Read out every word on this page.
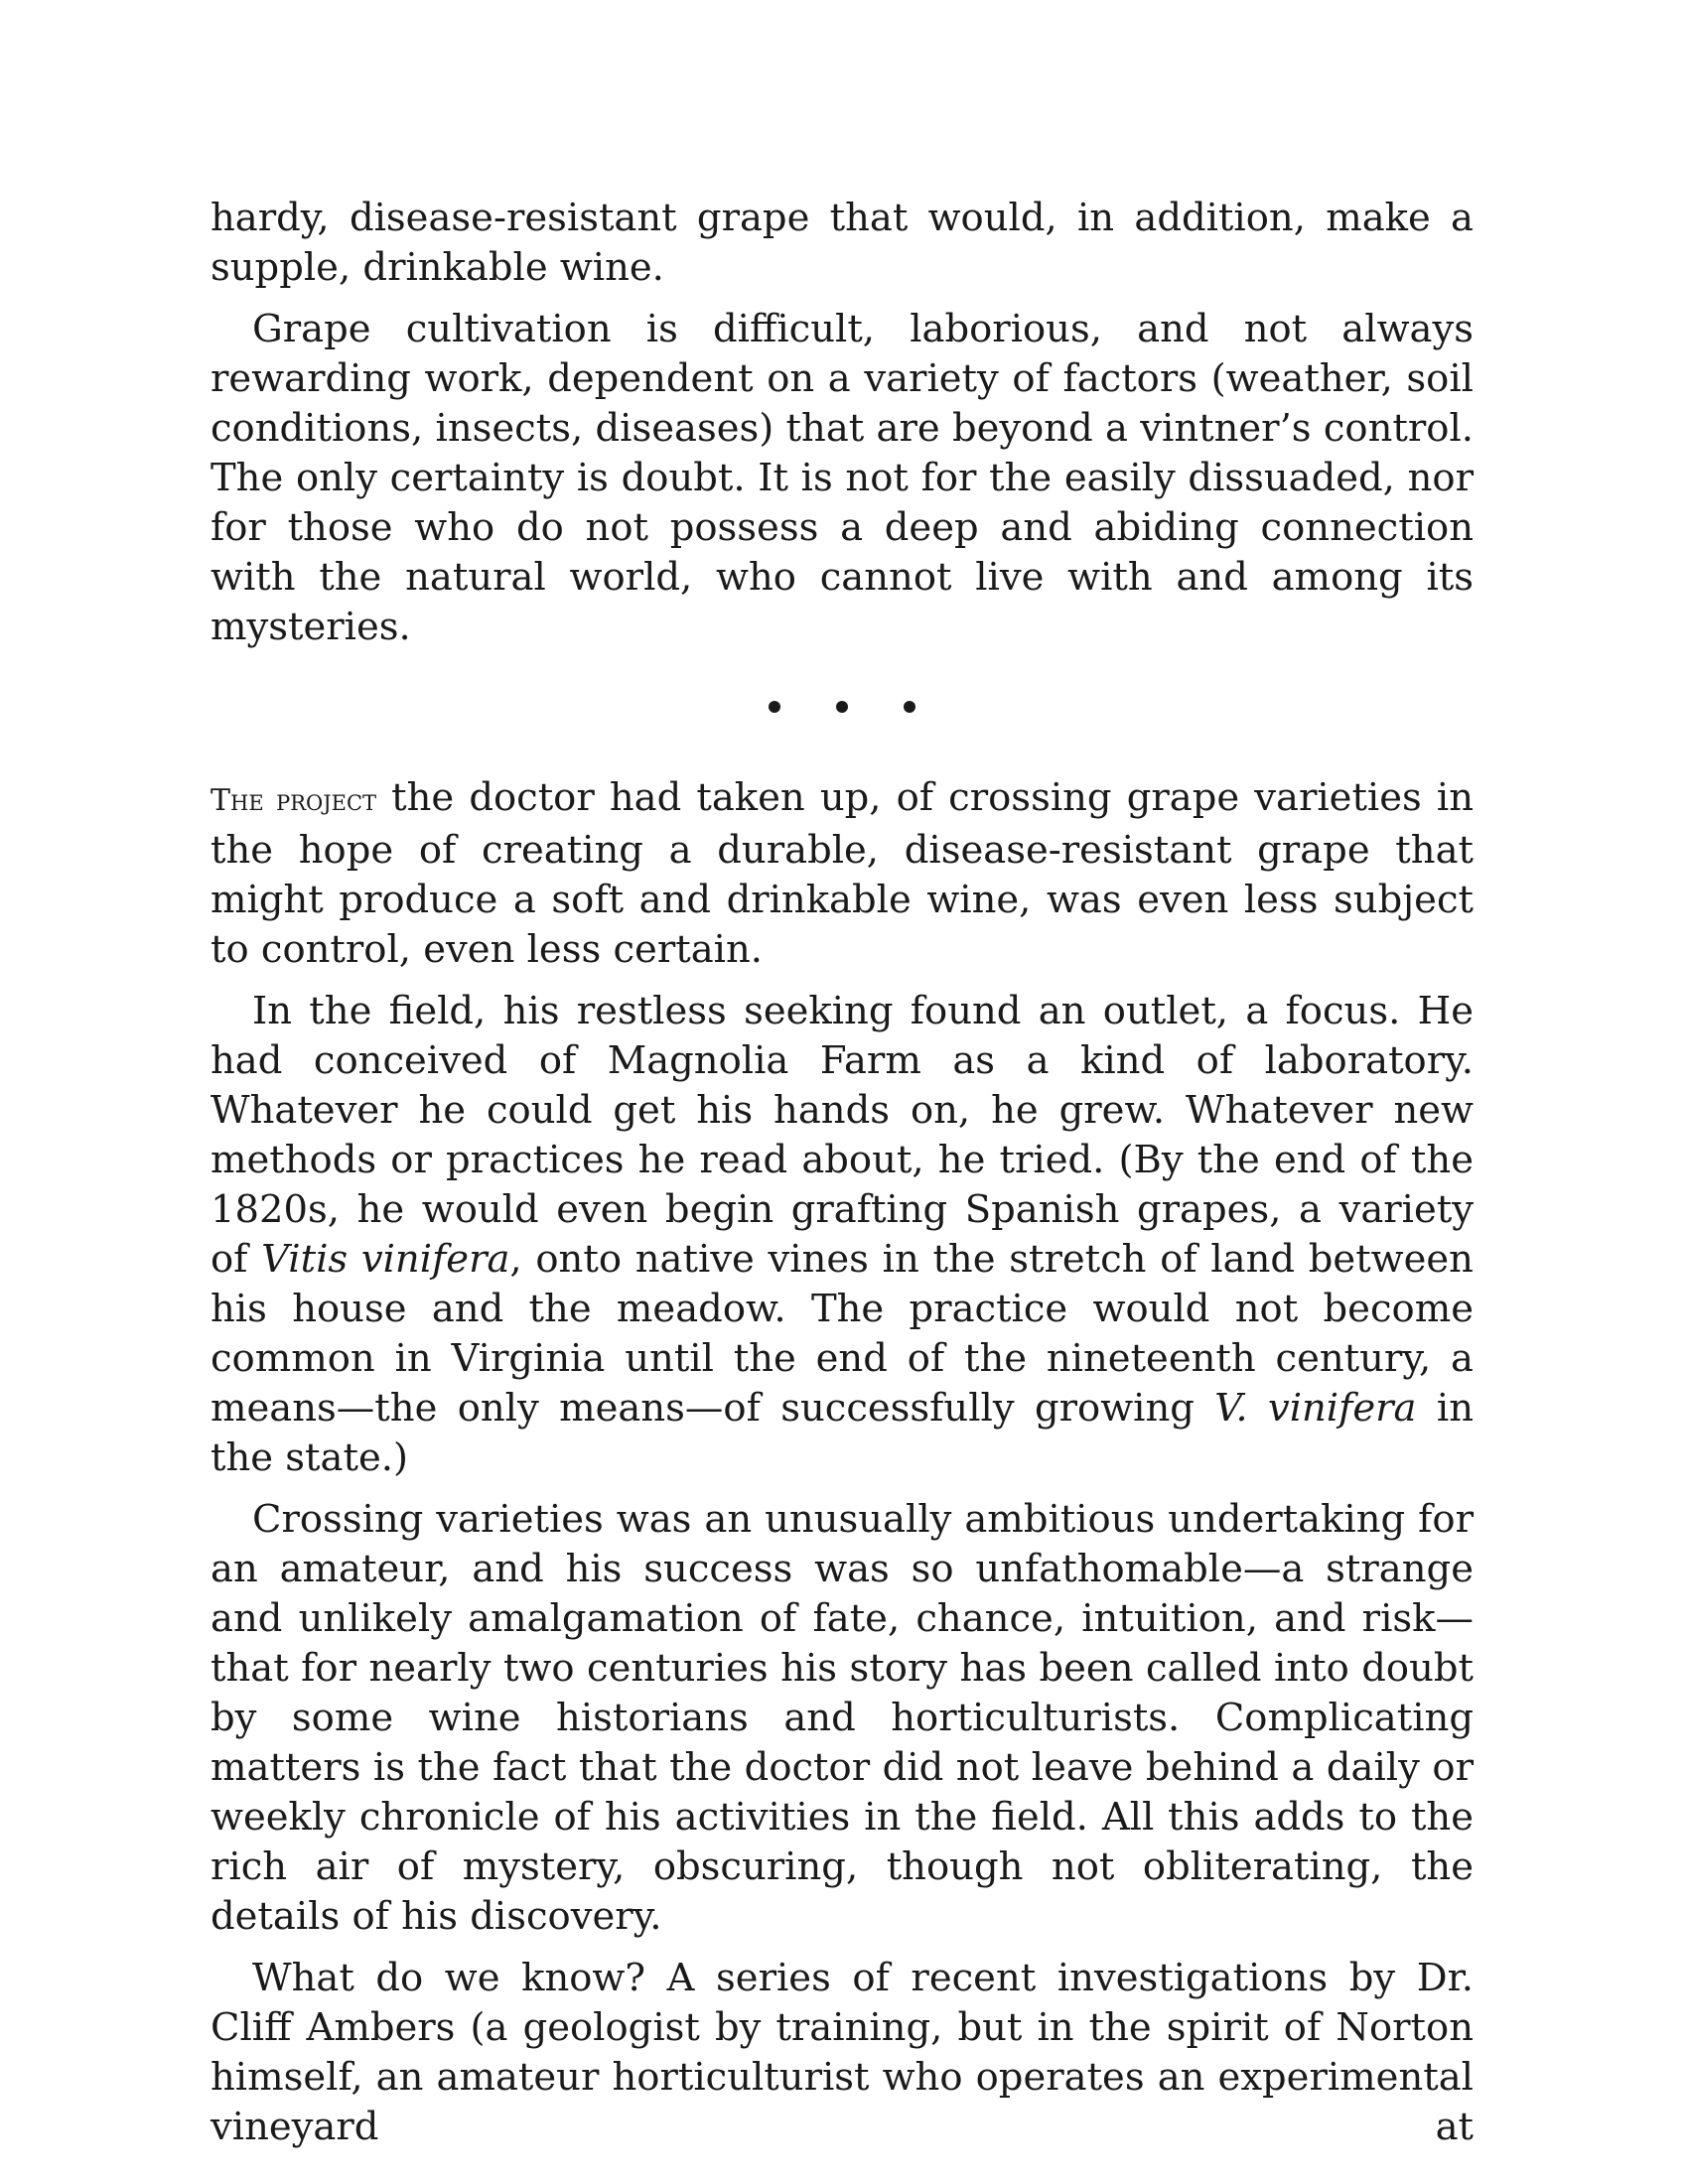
hardy, disease-resistant grape that would, in addition, make a supple, drinkable wine.

Grape cultivation is difficult, laborious, and not always rewarding work, dependent on a variety of factors (weather, soil conditions, insects, diseases) that are beyond a vintner’s control. The only certainty is doubt. It is not for the easily dissuaded, nor for those who do not possess a deep and abiding connection with the natural world, who cannot live with and among its mysteries.

The project the doctor had taken up, of crossing grape varieties in the hope of creating a durable, disease-resistant grape that might produce a soft and drinkable wine, was even less subject to control, even less certain.

In the field, his restless seeking found an outlet, a focus. He had conceived of Magnolia Farm as a kind of laboratory. Whatever he could get his hands on, he grew. Whatever new methods or practices he read about, he tried. (By the end of the 1820s, he would even begin grafting Spanish grapes, a variety of Vitis vinifera, onto native vines in the stretch of land between his house and the meadow. The practice would not become common in Virginia until the end of the nineteenth century, a means—the only means—of successfully growing V. vinifera in the state.)

Crossing varieties was an unusually ambitious undertaking for an amateur, and his success was so unfathomable—a strange and unlikely amalgamation of fate, chance, intuition, and risk—that for nearly two centuries his story has been called into doubt by some wine historians and horticulturists. Complicating matters is the fact that the doctor did not leave behind a daily or weekly chronicle of his activities in the field. All this adds to the rich air of mystery, obscuring, though not obliterating, the details of his discovery.

What do we know? A series of recent investigations by Dr. Cliff Ambers (a geologist by training, but in the spirit of Norton himself, an amateur horticulturist who operates an experimental vineyard at
